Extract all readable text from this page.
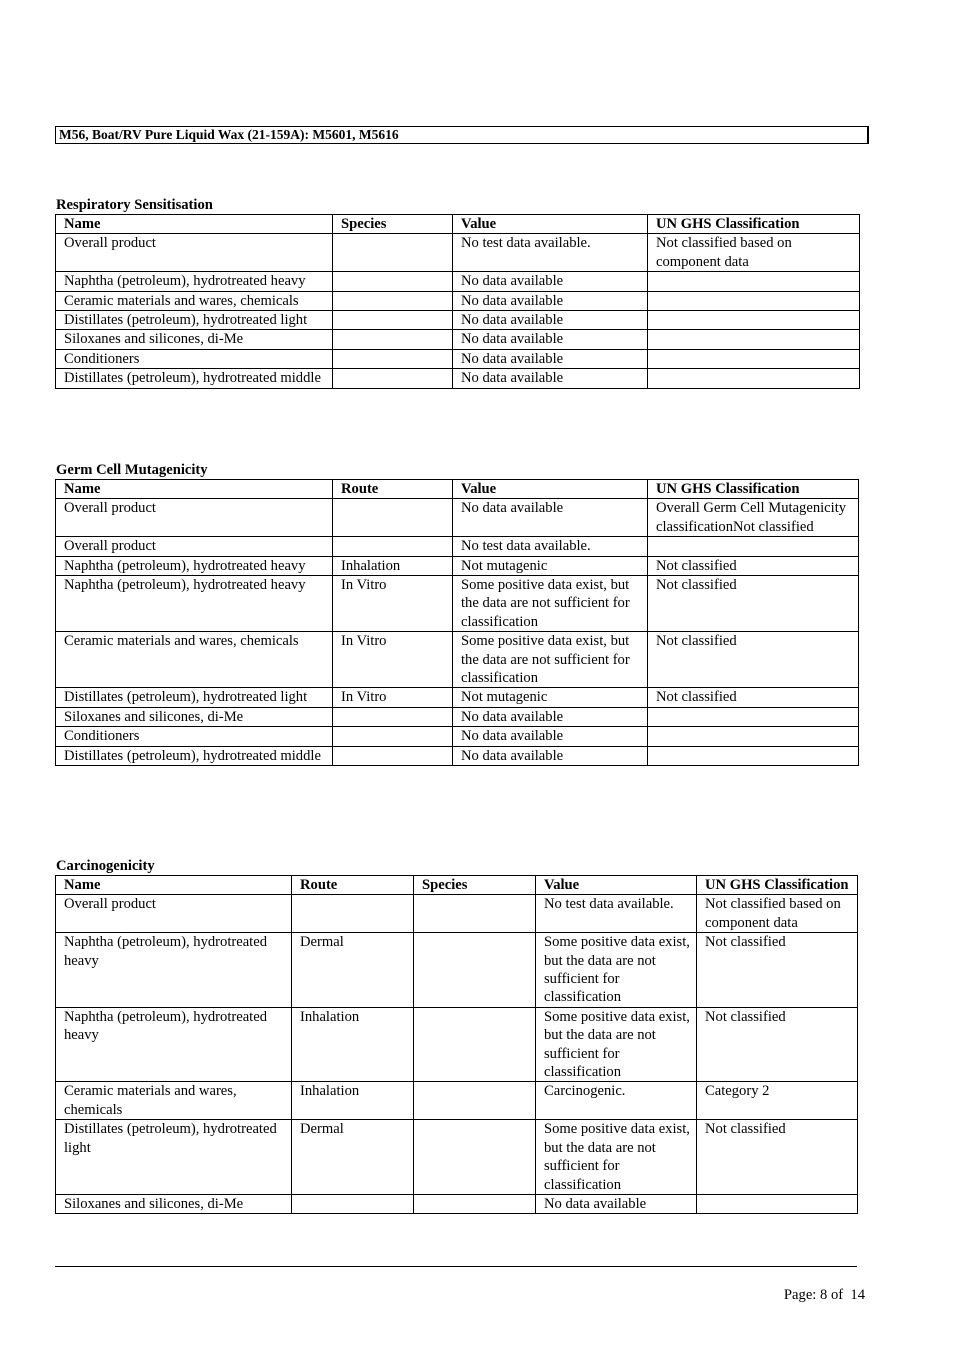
M56, Boat/RV Pure Liquid Wax (21-159A): M5601, M5616
Respiratory Sensitisation
Name	Species	Value	UN GHS Classification
Overall product		No test data available.	Not classified based on component data
Naphtha (petroleum), hydrotreated heavy		No data available	
Ceramic materials and wares, chemicals		No data available	
Distillates (petroleum), hydrotreated light		No data available	
Siloxanes and silicones, di-Me		No data available	
Conditioners		No data available	
Distillates (petroleum), hydrotreated middle		No data available	
Germ Cell Mutagenicity
Name	Route	Value	UN GHS Classification
Overall product		No data available	Overall Germ Cell Mutagenicity classificationNot classified
Overall product		No test data available.	
Naphtha (petroleum), hydrotreated heavy	Inhalation	Not mutagenic	Not classified
Naphtha (petroleum), hydrotreated heavy	In Vitro	Some positive data exist, but the data are not sufficient for classification	Not classified
Ceramic materials and wares, chemicals	In Vitro	Some positive data exist, but the data are not sufficient for classification	Not classified
Distillates (petroleum), hydrotreated light	In Vitro	Not mutagenic	Not classified
Siloxanes and silicones, di-Me		No data available	
Conditioners		No data available	
Distillates (petroleum), hydrotreated middle		No data available	
Carcinogenicity
Name	Route	Species	Value	UN GHS Classification
Overall product			No test data available.	Not classified based on component data
Naphtha (petroleum), hydrotreated heavy	Dermal		Some positive data exist, but the data are not sufficient for classification	Not classified
Naphtha (petroleum), hydrotreated heavy	Inhalation		Some positive data exist, but the data are not sufficient for classification	Not classified
Ceramic materials and wares, chemicals	Inhalation		Carcinogenic.	Category 2
Distillates (petroleum), hydrotreated light	Dermal		Some positive data exist, but the data are not sufficient for classification	Not classified
Siloxanes and silicones, di-Me			No data available	
Page: 8 of  14
